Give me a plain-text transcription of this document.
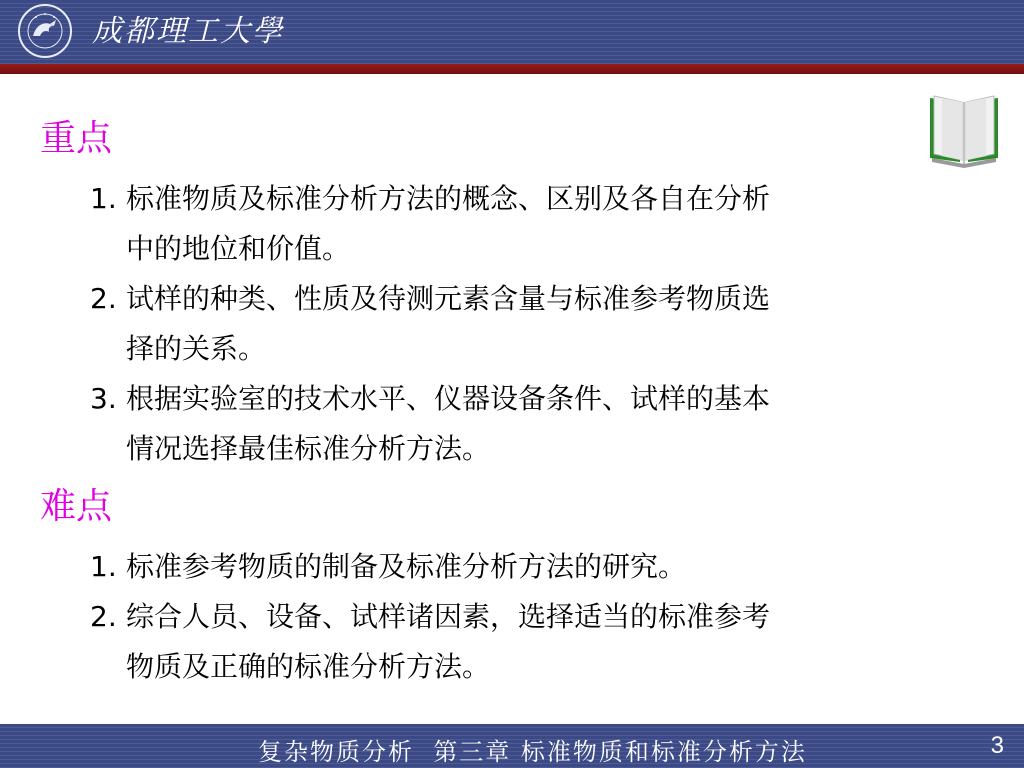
成都理工大學
重点
1. 标准物质及标准分析方法的概念、区别及各自在分析
中的地位和价值。
2. 试样的种类、性质及待测元素含量与标准参考物质选
择的关系。
3. 根据实验室的技术水平、仪器设备条件、试样的基本
情况选择最佳标准分析方法。
难点
1. 标准参考物质的制备及标准分析方法的研究。
2. 综合人员、设备、试样诸因素，选择适当的标准参考
物质及正确的标准分析方法。
复杂物质分析  第三章 标准物质和标准分析方法	3
